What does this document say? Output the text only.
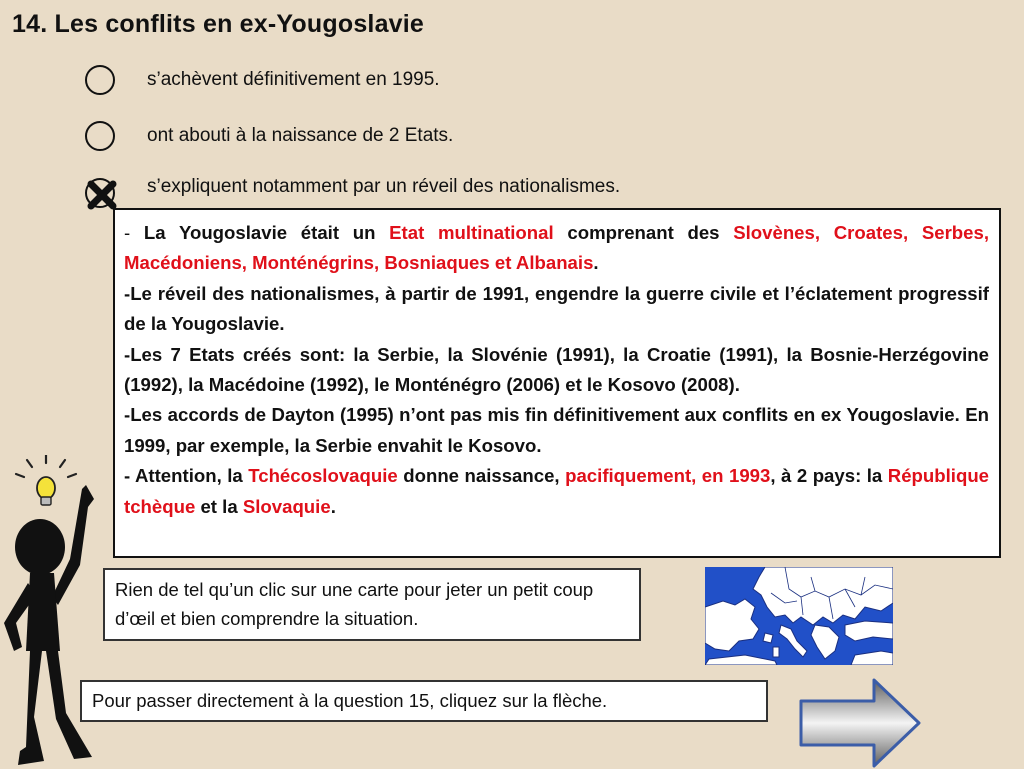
14. Les conflits en ex-Yougoslavie
s’achèvent définitivement en 1995.
ont abouti à la naissance de 2 Etats.
s’expliquent notamment par un réveil des nationalismes.

- La Yougoslavie était un Etat multinational comprenant des Slovènes, Croates, Serbes, Macédoniens, Monténégrins, Bosniaques et Albanais.

-Le réveil des nationalismes, à partir de 1991, engendre la guerre civile et l’éclatement progressif de la Yougoslavie.

-Les 7 Etats créés sont: la Serbie, la Slovénie (1991), la Croatie (1991), la Bosnie-Herzégovine (1992), la Macédoine (1992), le Monténégro (2006) et le Kosovo (2008).

-Les accords de Dayton (1995) n’ont pas mis fin définitivement aux conflits en ex Yougoslavie. En 1999, par exemple, la Serbie envahit le Kosovo.

- Attention, la Tchécoslovaquie donne naissance, pacifiquement, en 1993, à 2 pays: la République tchèque et la Slovaquie.

Rien de tel qu’un clic sur une carte pour jeter un petit coup d’œil et bien comprendre la situation.
Pour passer directement à la question 15, cliquez sur la flèche.
